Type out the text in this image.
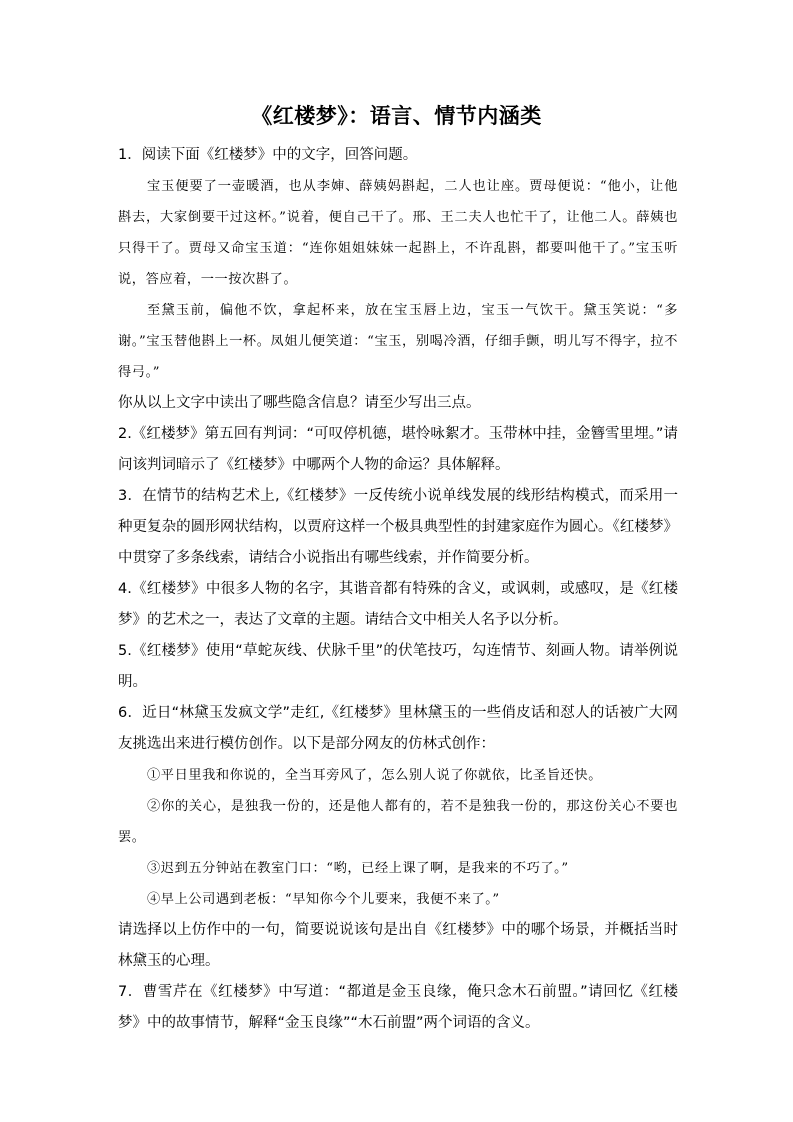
《红楼梦》：语言、情节内涵类

1．阅读下面《红楼梦》中的文字，回答问题。

宝玉便要了一壶暖酒，也从李婶、薛姨妈斟起，二人也让座。贾母便说：“他小，让他斟去，大家倒要干过这杯。”说着，便自己干了。邢、王二夫人也忙干了，让他二人。薛姨也只得干了。贾母又命宝玉道：“连你姐姐妹妹一起斟上，不许乱斟，都要叫他干了。”宝玉听说，答应着，一一按次斟了。

至黛玉前，偏他不饮，拿起杯来，放在宝玉唇上边，宝玉一气饮干。黛玉笑说：“多谢。”宝玉替他斟上一杯。凤姐儿便笑道：“宝玉，别喝冷酒，仔细手颤，明儿写不得字，拉不得弓。”

你从以上文字中读出了哪些隐含信息？请至少写出三点。

2.《红楼梦》第五回有判词：“可叹停机德，堪怜咏絮才。玉带林中挂，金簪雪里埋。”请问该判词暗示了《红楼梦》中哪两个人物的命运？具体解释。

3．在情节的结构艺术上,《红楼梦》一反传统小说单线发展的线形结构模式，而采用一种更复杂的圆形网状结构，以贾府这样一个极具典型性的封建家庭作为圆心。《红楼梦》中贯穿了多条线索，请结合小说指出有哪些线索，并作简要分析。

4.《红楼梦》中很多人物的名字，其谐音都有特殊的含义，或讽刺，或感叹，是《红楼梦》的艺术之一，表达了文章的主题。请结合文中相关人名予以分析。

5.《红楼梦》使用“草蛇灰线、伏脉千里”的伏笔技巧，勾连情节、刻画人物。请举例说明。

6．近日“林黛玉发疯文学”走红,《红楼梦》里林黛玉的一些俏皮话和怼人的话被广大网友挑选出来进行模仿创作。以下是部分网友的仿林式创作：

①平日里我和你说的，全当耳旁风了，怎么别人说了你就依，比圣旨还快。

②你的关心，是独我一份的，还是他人都有的，若不是独我一份的，那这份关心不要也罢。

③迟到五分钟站在教室门口：“哟，已经上课了啊，是我来的不巧了。”

④早上公司遇到老板：“早知你今个儿要来，我便不来了。”

请选择以上仿作中的一句，简要说说该句是出自《红楼梦》中的哪个场景，并概括当时林黛玉的心理。

7．曹雪芹在《红楼梦》中写道：“都道是金玉良缘，俺只念木石前盟。”请回忆《红楼梦》中的故事情节，解释“金玉良缘”“木石前盟”两个词语的含义。
